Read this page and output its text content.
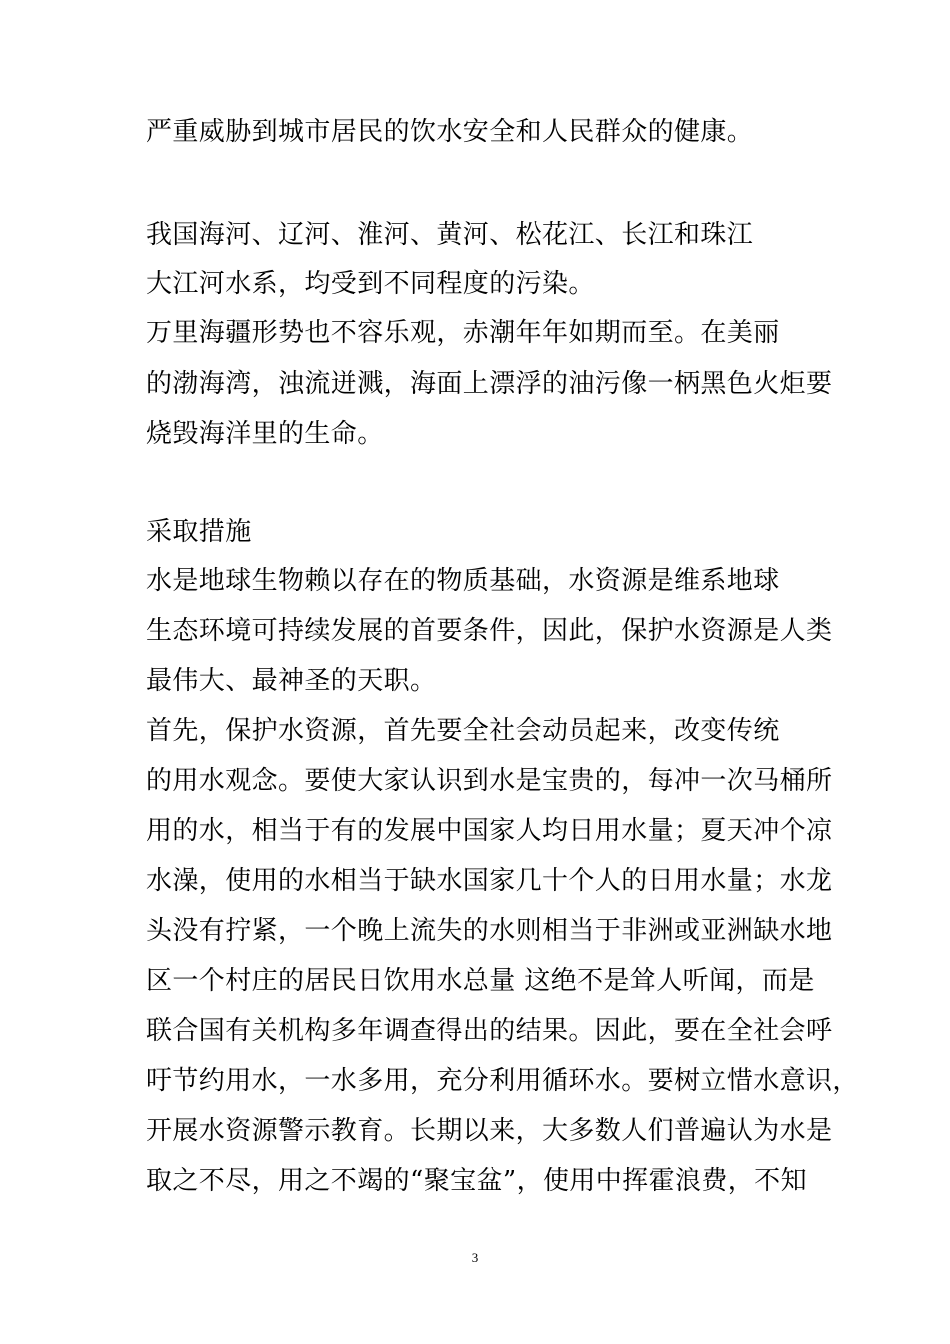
严重威胁到城市居民的饮水安全和人民群众的健康。

我国海河、辽河、淮河、黄河、松花江、长江和珠江

大江河水系，均受到不同程度的污染。

万里海疆形势也不容乐观，赤潮年年如期而至。在美丽

的渤海湾，浊流迸溅，海面上漂浮的油污像一柄黑色火炬要

烧毁海洋里的生命。

采取措施

水是地球生物赖以存在的物质基础，水资源是维系地球

生态环境可持续发展的首要条件，因此，保护水资源是人类

最伟大、最神圣的天职。

首先，保护水资源，首先要全社会动员起来，改变传统

的用水观念。要使大家认识到水是宝贵的，每冲一次马桶所

用的水，相当于有的发展中国家人均日用水量；夏天冲个凉

水澡，使用的水相当于缺水国家几十个人的日用水量；水龙

头没有拧紧，一个晚上流失的水则相当于非洲或亚洲缺水地

区一个村庄的居民日饮用水总量 这绝不是耸人听闻，而是

联合国有关机构多年调查得出的结果。因此，要在全社会呼

吁节约用水，一水多用，充分利用循环水。要树立惜水意识，

开展水资源警示教育。长期以来，大多数人们普遍认为水是

取之不尽，用之不竭的“聚宝盆”，使用中挥霍浪费，不知

3
